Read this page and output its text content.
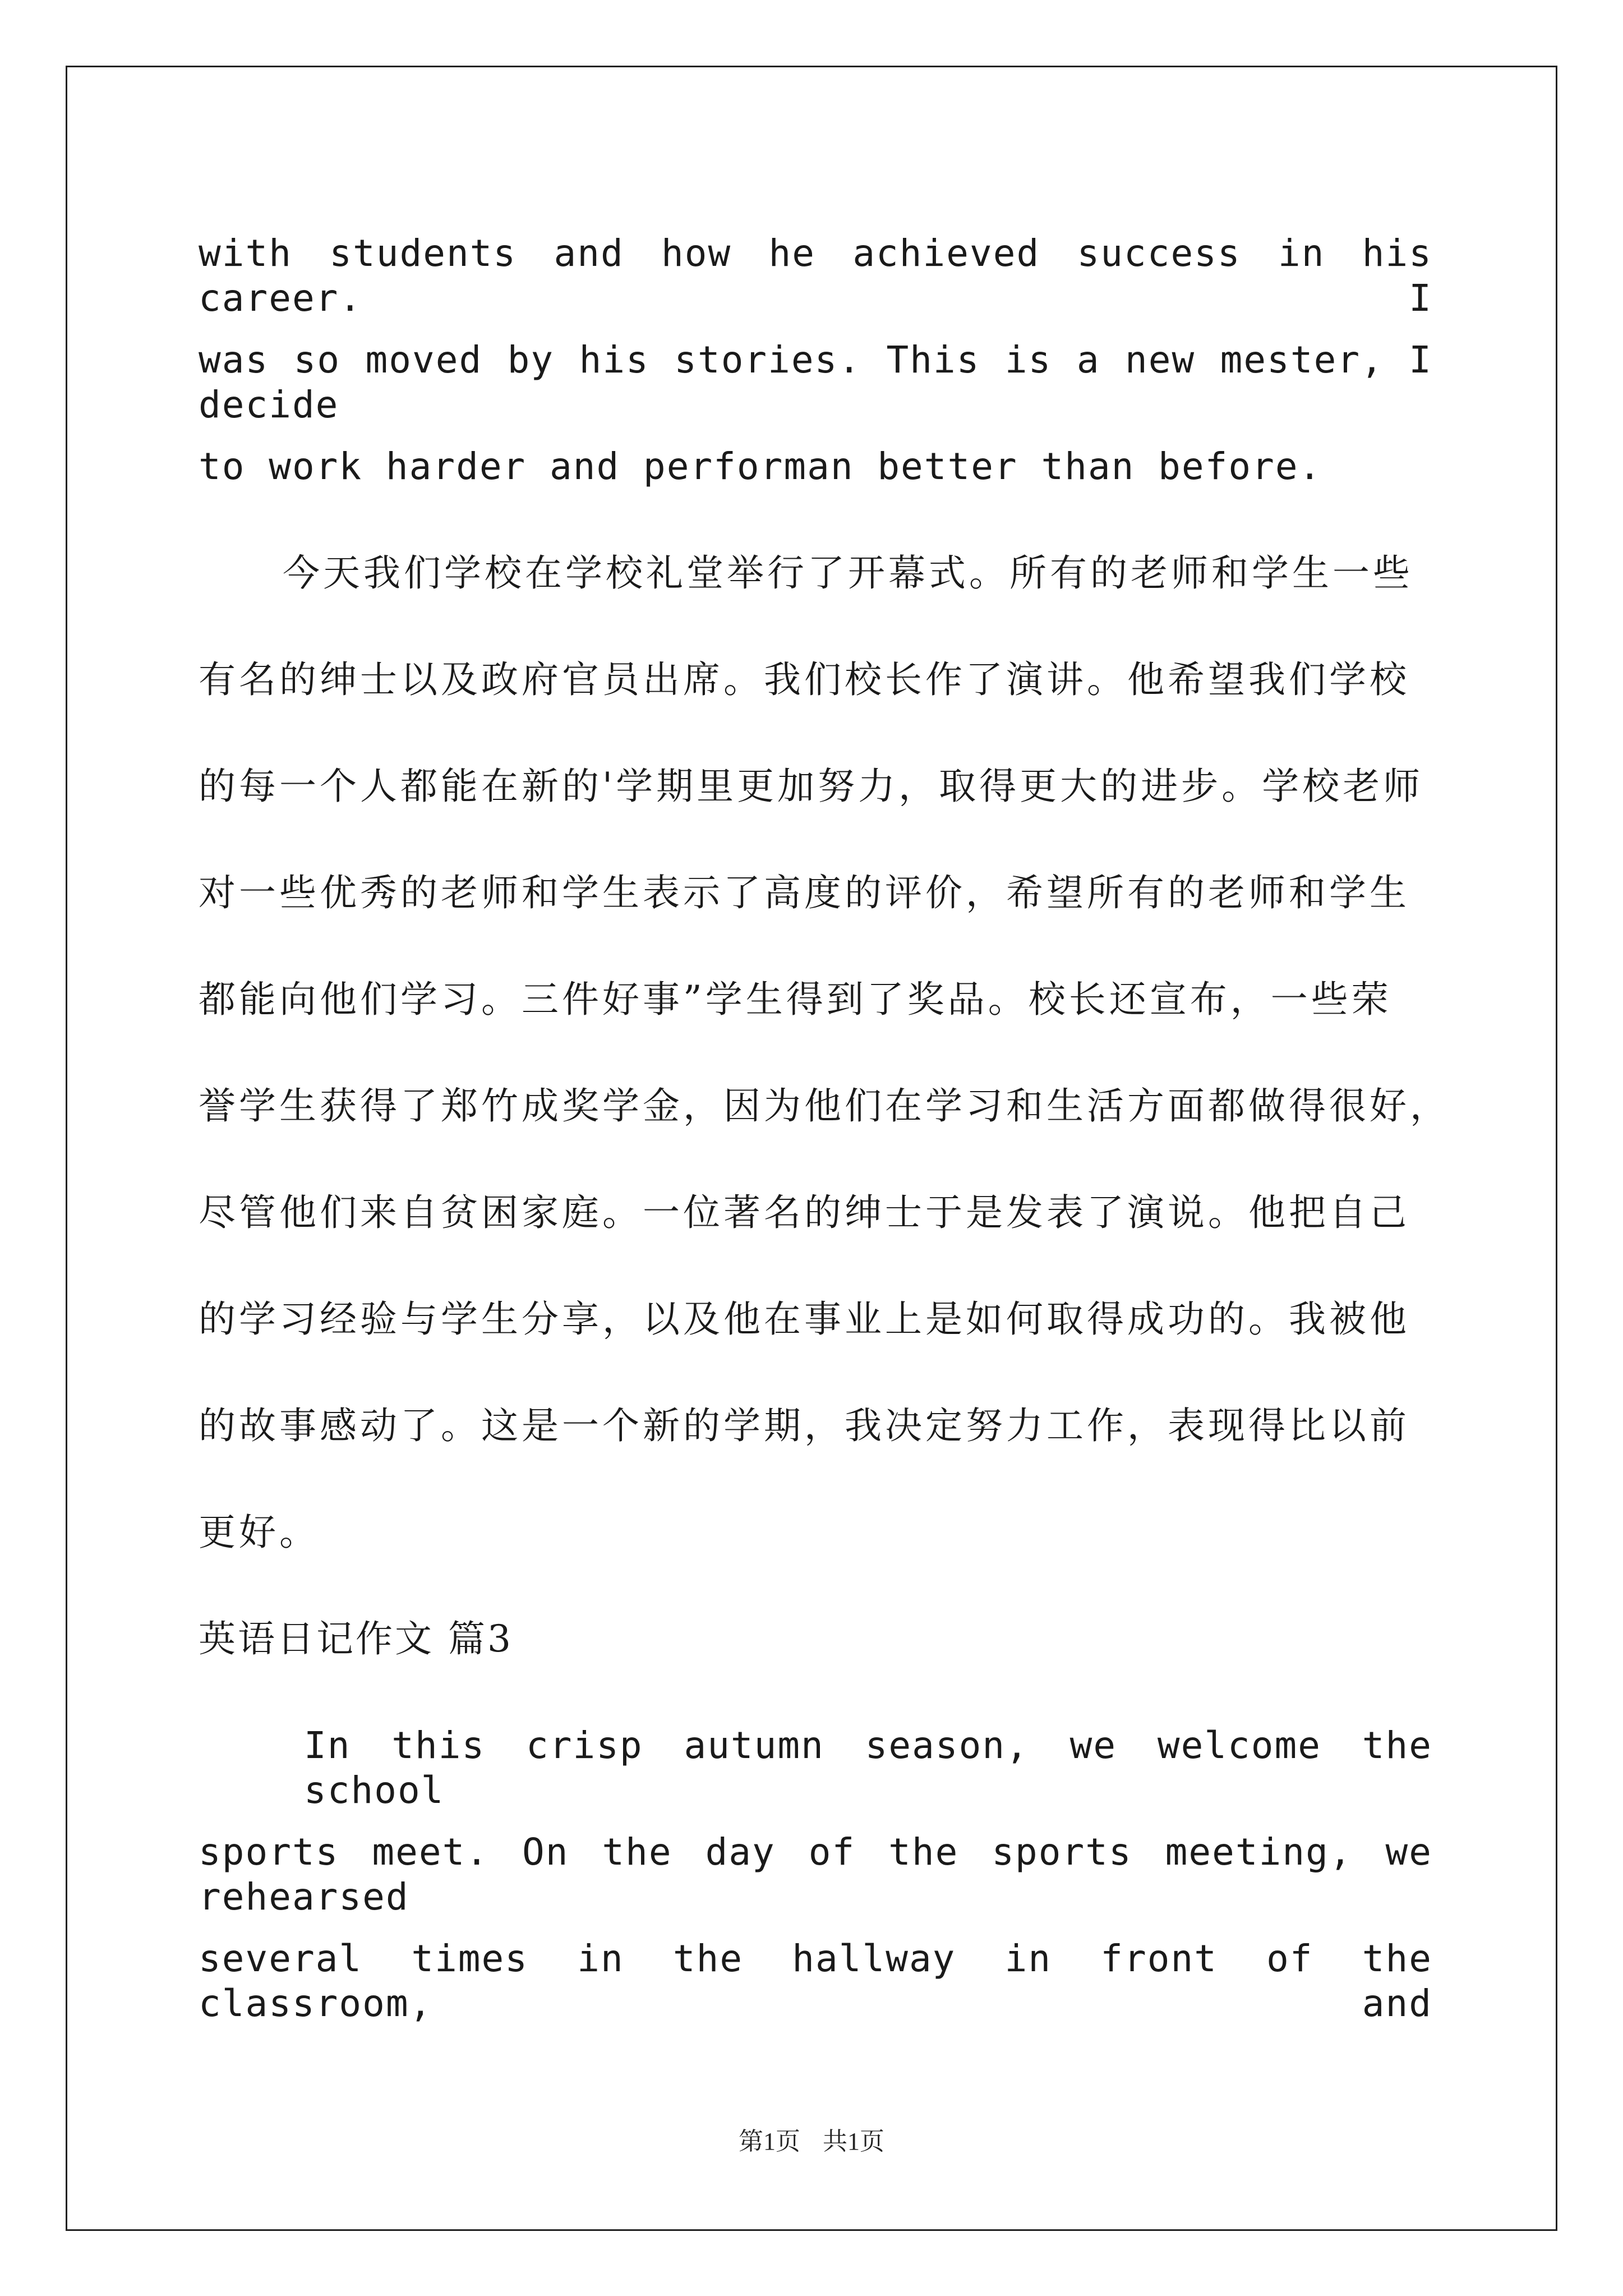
with students and how he achieved success in his career. I

was so moved by his stories. This is a new mester, I decide

to work harder and performan better than before.

今天我们学校在学校礼堂举行了开幕式。所有的老师和学生一些

有名的绅士以及政府官员出席。我们校长作了演讲。他希望我们学校

的每一个人都能在新的'学期里更加努力，取得更大的进步。学校老师

对一些优秀的老师和学生表示了高度的评价，希望所有的老师和学生

都能向他们学习。三件好事”学生得到了奖品。校长还宣布，一些荣

誉学生获得了郑竹成奖学金，因为他们在学习和生活方面都做得很好，

尽管他们来自贫困家庭。一位著名的绅士于是发表了演说。他把自己

的学习经验与学生分享，以及他在事业上是如何取得成功的。我被他

的故事感动了。这是一个新的学期，我决定努力工作，表现得比以前

更好。

英语日记作文 篇3

In this crisp autumn season, we welcome the school

sports meet. On the day of the sports meeting, we rehearsed

several times in the hallway in front of the classroom, and

第1页 共1页
